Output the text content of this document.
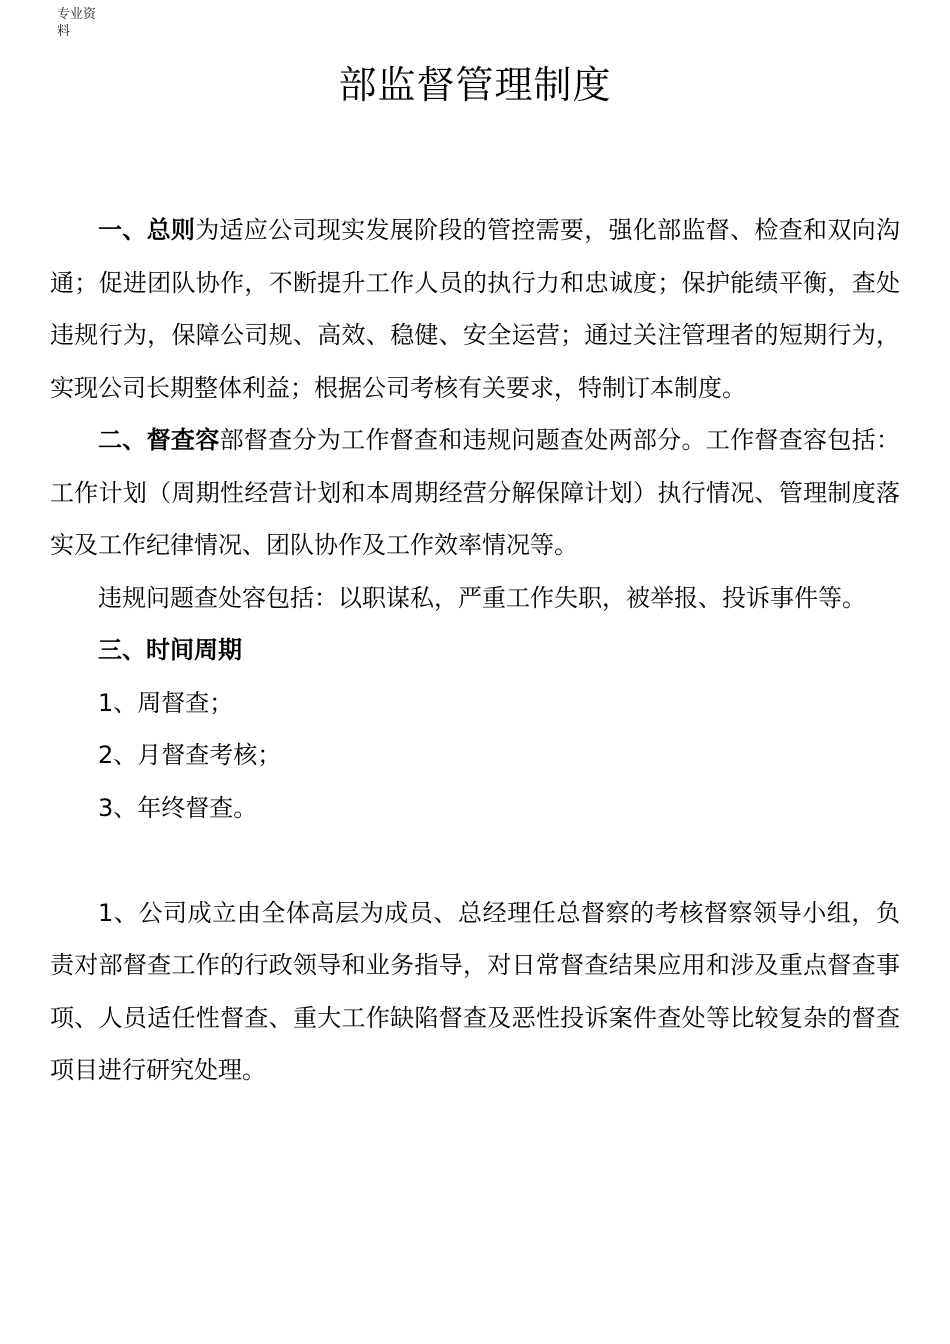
专业资料
部监督管理制度

一、总则为适应公司现实发展阶段的管控需要，强化部监督、检查和双向沟通；促进团队协作，不断提升工作人员的执行力和忠诚度；保护能绩平衡，查处违规行为，保障公司规、高效、稳健、安全运营；通过关注管理者的短期行为，实现公司长期整体利益；根据公司考核有关要求，特制订本制度。

二、督查容部督查分为工作督查和违规问题查处两部分。工作督查容包括：工作计划（周期性经营计划和本周期经营分解保障计划）执行情况、管理制度落实及工作纪律情况、团队协作及工作效率情况等。

违规问题查处容包括：以职谋私，严重工作失职，被举报、投诉事件等。

三、时间周期

1、周督查；

2、月督查考核；

3、年终督查。

1、公司成立由全体高层为成员、总经理任总督察的考核督察领导小组，负责对部督查工作的行政领导和业务指导，对日常督查结果应用和涉及重点督查事项、人员适任性督查、重大工作缺陷督查及恶性投诉案件查处等比较复杂的督查项目进行研究处理。
